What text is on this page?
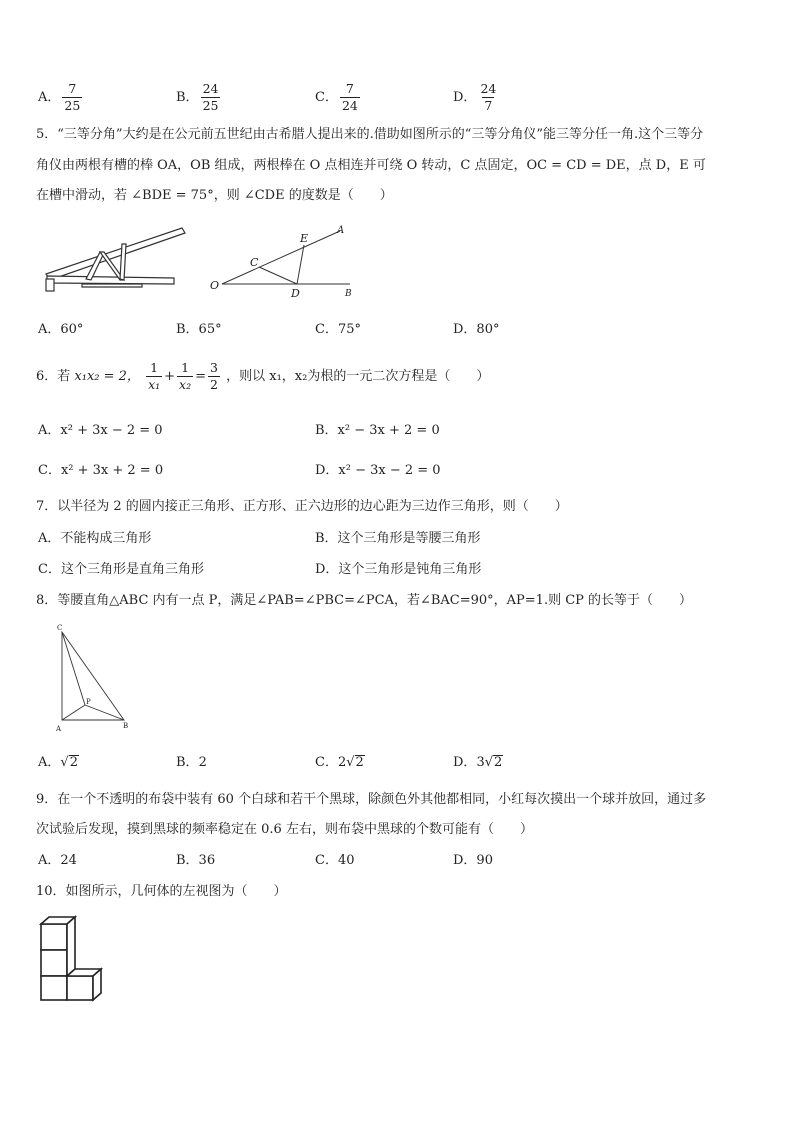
A． $\frac{7}{25}$	B． $\frac{24}{25}$	C． $\frac{7}{24}$	D． $\frac{24}{7}$
5．“三等分角”大约是在公元前五世纪由古希腊人提出来的.借助如图所示的“三等分角仪”能三等分任一角.这个三等分
角仪由两根有槽的棒 OA，OB 组成，两根棒在 O 点相连并可绕 O 转动，C 点固定，OC = CD = DE，点 D，E 可
在槽中滑动，若 ∠BDE = 75°，则 ∠CDE 的度数是（　　）
O
B
A
C
D
E
A．60°	B．65°	C．75°	D．80°
6．若 x₁x₂ = 2， $\frac{1}{\text{x₁}} + \frac{1}{\text{x₂}} = \frac{3}{2}$ ，则以 x₁，x₂为根的一元二次方程是（　　）
A．x² + 3x − 2 = 0	B．x² − 3x + 2 = 0
C．x² + 3x + 2 = 0	D．x² − 3x − 2 = 0
7．以半径为 2 的圆内接正三角形、正方形、正六边形的边心距为三边作三角形，则（　　）
A．不能构成三角形	B．这个三角形是等腰三角形
C．这个三角形是直角三角形	D．这个三角形是钝角三角形
8．等腰直角△ABC 内有一点 P，满足∠PAB=∠PBC=∠PCA，若∠BAC=90°，AP=1.则 CP 的长等于（　　）
C
P
A	B
A．√2	B．2	C．2√2	D．3√2
9．在一个不透明的布袋中装有 60 个白球和若干个黑球，除颜色外其他都相同，小红每次摸出一个球并放回，通过多
次试验后发现，摸到黑球的频率稳定在 0.6 左右，则布袋中黑球的个数可能有（　　）
A．24	B．36	C．40	D．90
10．如图所示，几何体的左视图为（　　）
